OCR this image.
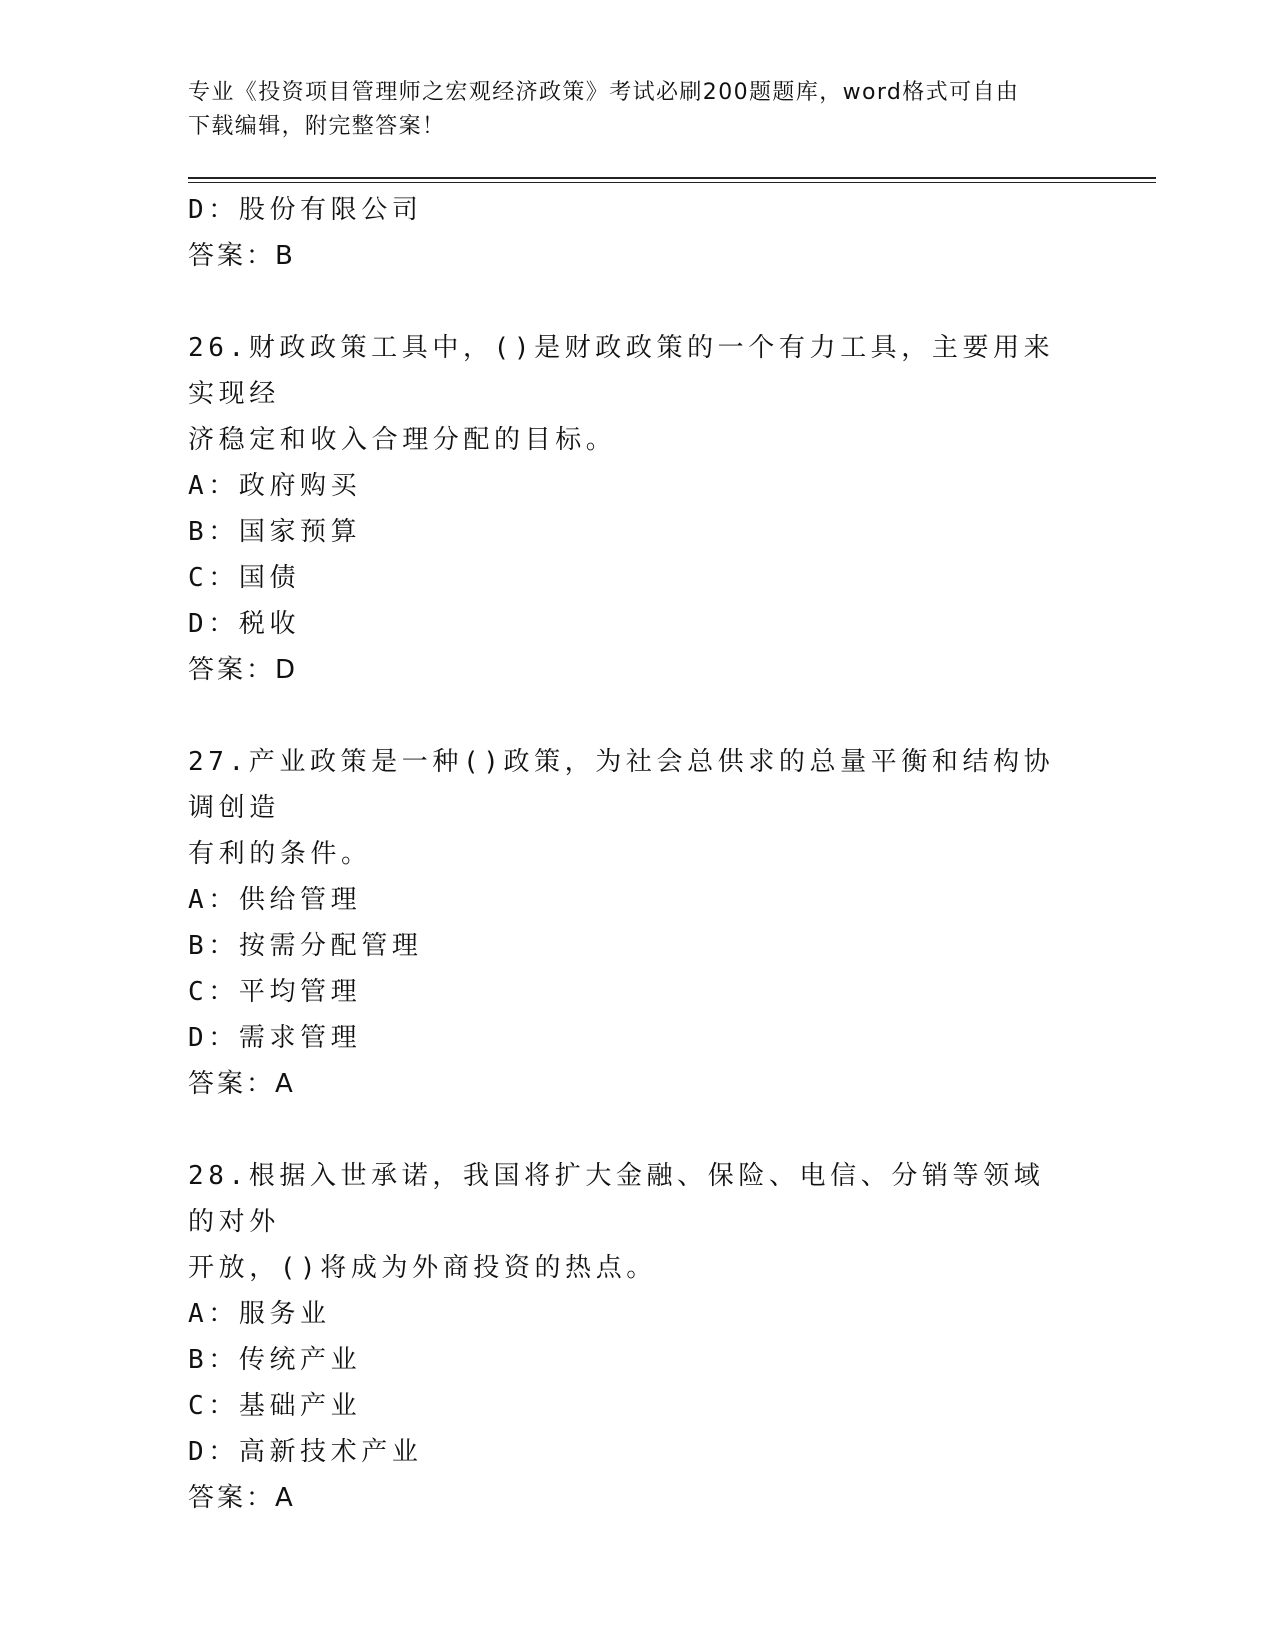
专业《投资项目管理师之宏观经济政策》考试必刷200题题库，word格式可自由
下载编辑，附完整答案！
D：股份有限公司
答案：B
26.财政政策工具中，()是财政政策的一个有力工具，主要用来实现经
济稳定和收入合理分配的目标。
A：政府购买
B：国家预算
C：国债
D：税收
答案：D
27.产业政策是一种()政策，为社会总供求的总量平衡和结构协调创造
有利的条件。
A：供给管理
B：按需分配管理
C：平均管理
D：需求管理
答案：A
28.根据入世承诺，我国将扩大金融、保险、电信、分销等领域的对外
开放，()将成为外商投资的热点。
A：服务业
B：传统产业
C：基础产业
D：高新技术产业
答案：A
